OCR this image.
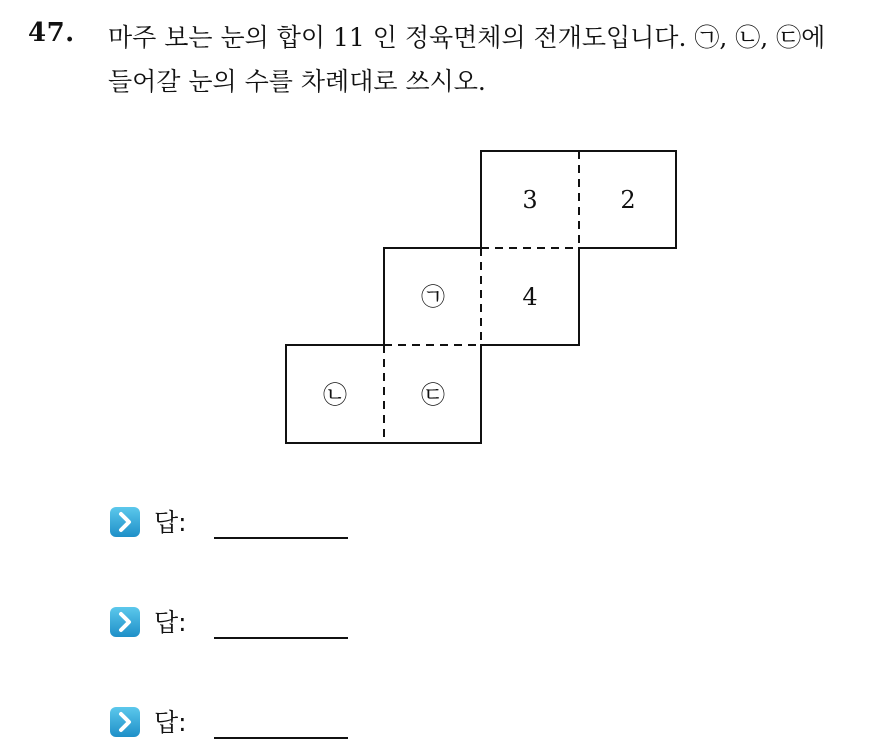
47. 마주 보는 눈의 합이 11 인 정육면체의 전개도입니다. ㉠, ㉡, ㉢에
들어갈 눈의 수를 차례대로 쓰시오.
3	2
㉠	4
㉡	㉢
답:
답:
답:
